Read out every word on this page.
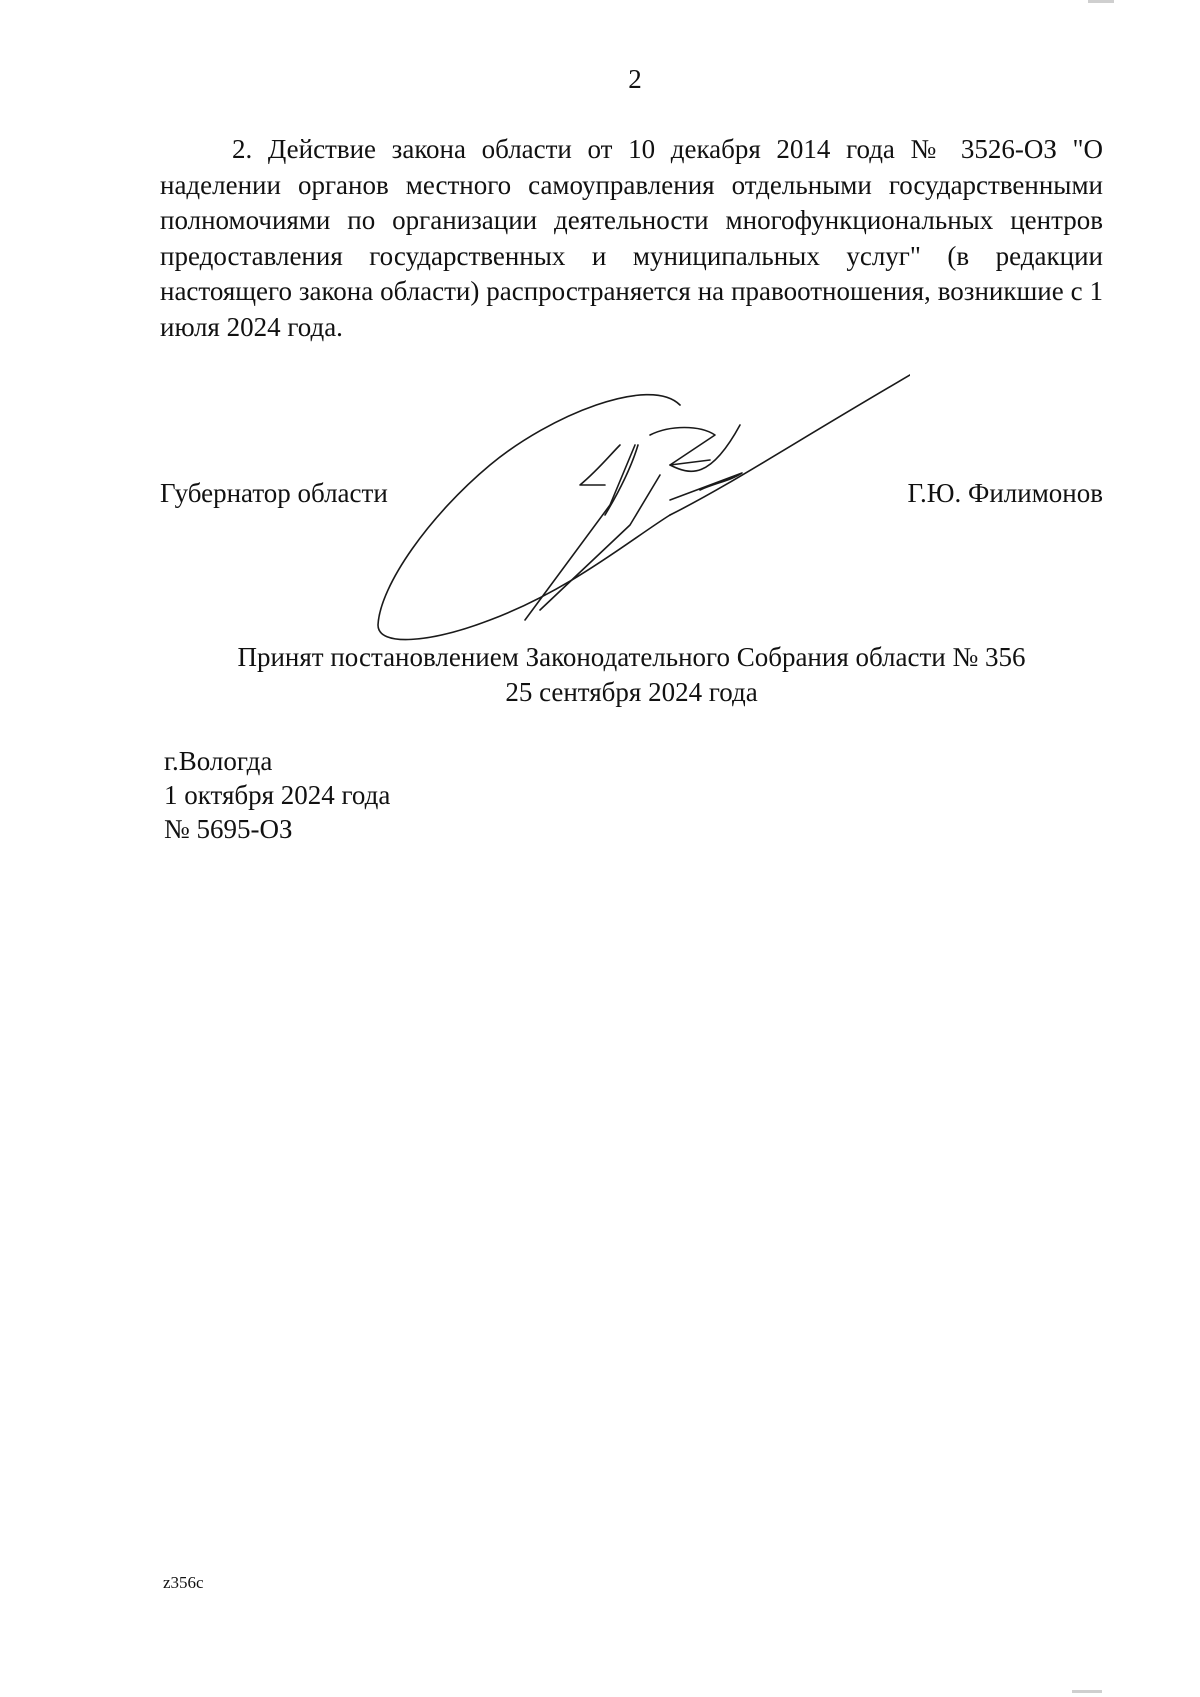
2

2. Действие закона области от 10 декабря 2014 года № 3526-ОЗ "О наделении органов местного самоуправления отдельными государственными полномочиями по организации деятельности многофункциональных центров предоставления государственных и муниципальных услуг" (в редакции настоящего закона области) распространяется на правоотношения, возникшие с 1 июля 2024 года.

Губернатор области	Г.Ю. Филимонов
Принят постановлением Законодательного Собрания области № 356
25 сентября 2024 года
г.Вологда
1 октября 2024 года
№ 5695-ОЗ
z356c
